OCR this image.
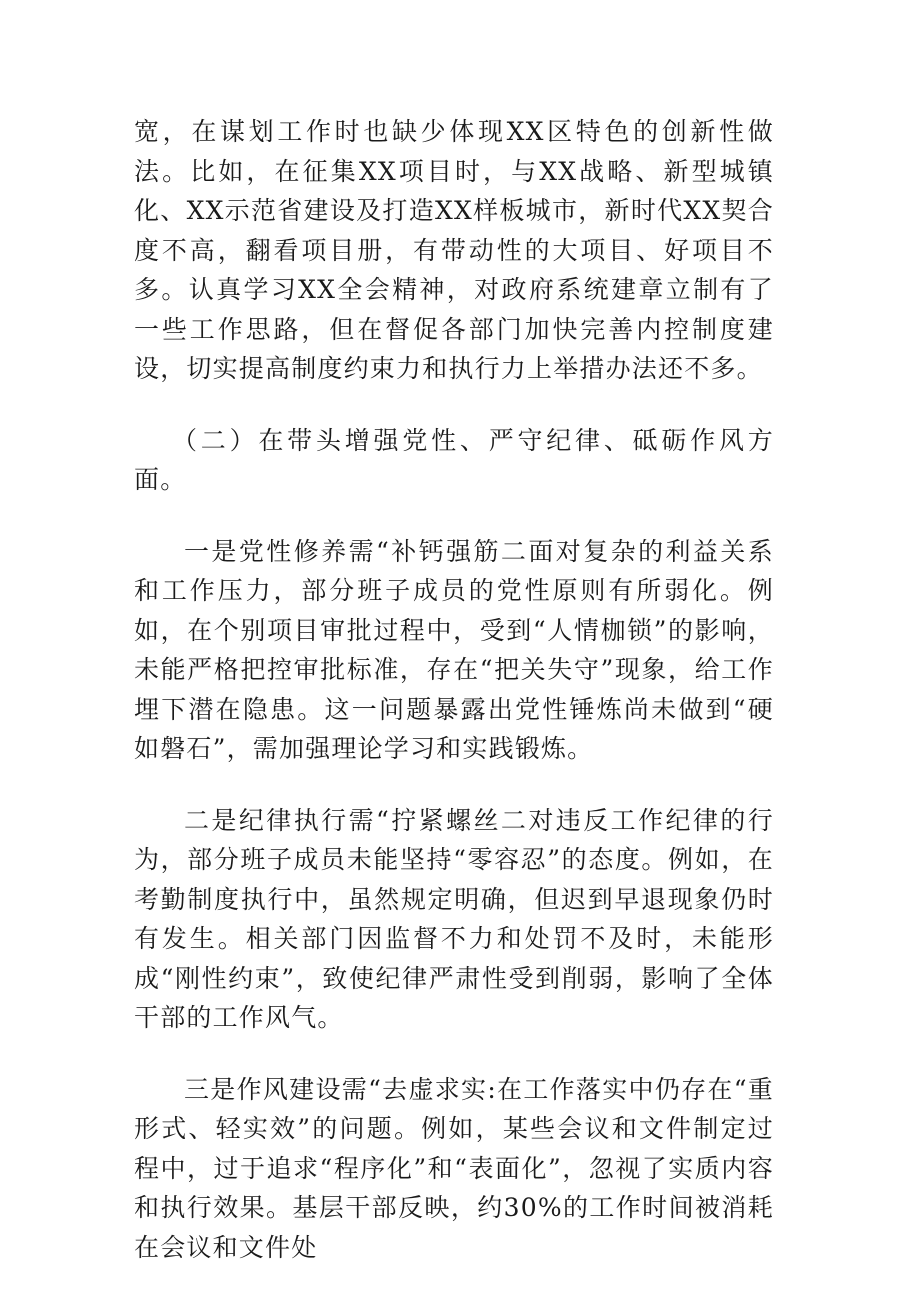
宽，在谋划工作时也缺少体现XX区特色的创新性做法。比如，在征集XX项目时，与XX战略、新型城镇化、XX示范省建设及打造XX样板城市，新时代XX契合度不高，翻看项目册，有带动性的大项目、好项目不多。认真学习XX全会精神，对政府系统建章立制有了一些工作思路，但在督促各部门加快完善内控制度建设，切实提高制度约束力和执行力上举措办法还不多。

（二）在带头增强党性、严守纪律、砥砺作风方面。

一是党性修养需“补钙强筋二面对复杂的利益关系和工作压力，部分班子成员的党性原则有所弱化。例如，在个别项目审批过程中，受到“人情枷锁”的影响，未能严格把控审批标准，存在“把关失守”现象，给工作埋下潜在隐患。这一问题暴露出党性锤炼尚未做到“硬如磐石”，需加强理论学习和实践锻炼。

二是纪律执行需“拧紧螺丝二对违反工作纪律的行为，部分班子成员未能坚持“零容忍”的态度。例如，在考勤制度执行中，虽然规定明确，但迟到早退现象仍时有发生。相关部门因监督不力和处罚不及时，未能形成“刚性约束”，致使纪律严肃性受到削弱，影响了全体干部的工作风气。

三是作风建设需“去虚求实:在工作落实中仍存在“重形式、轻实效”的问题。例如，某些会议和文件制定过程中，过于追求“程序化”和“表面化”，忽视了实质内容和执行效果。基层干部反映，约30%的工作时间被消耗在会议和文件处
